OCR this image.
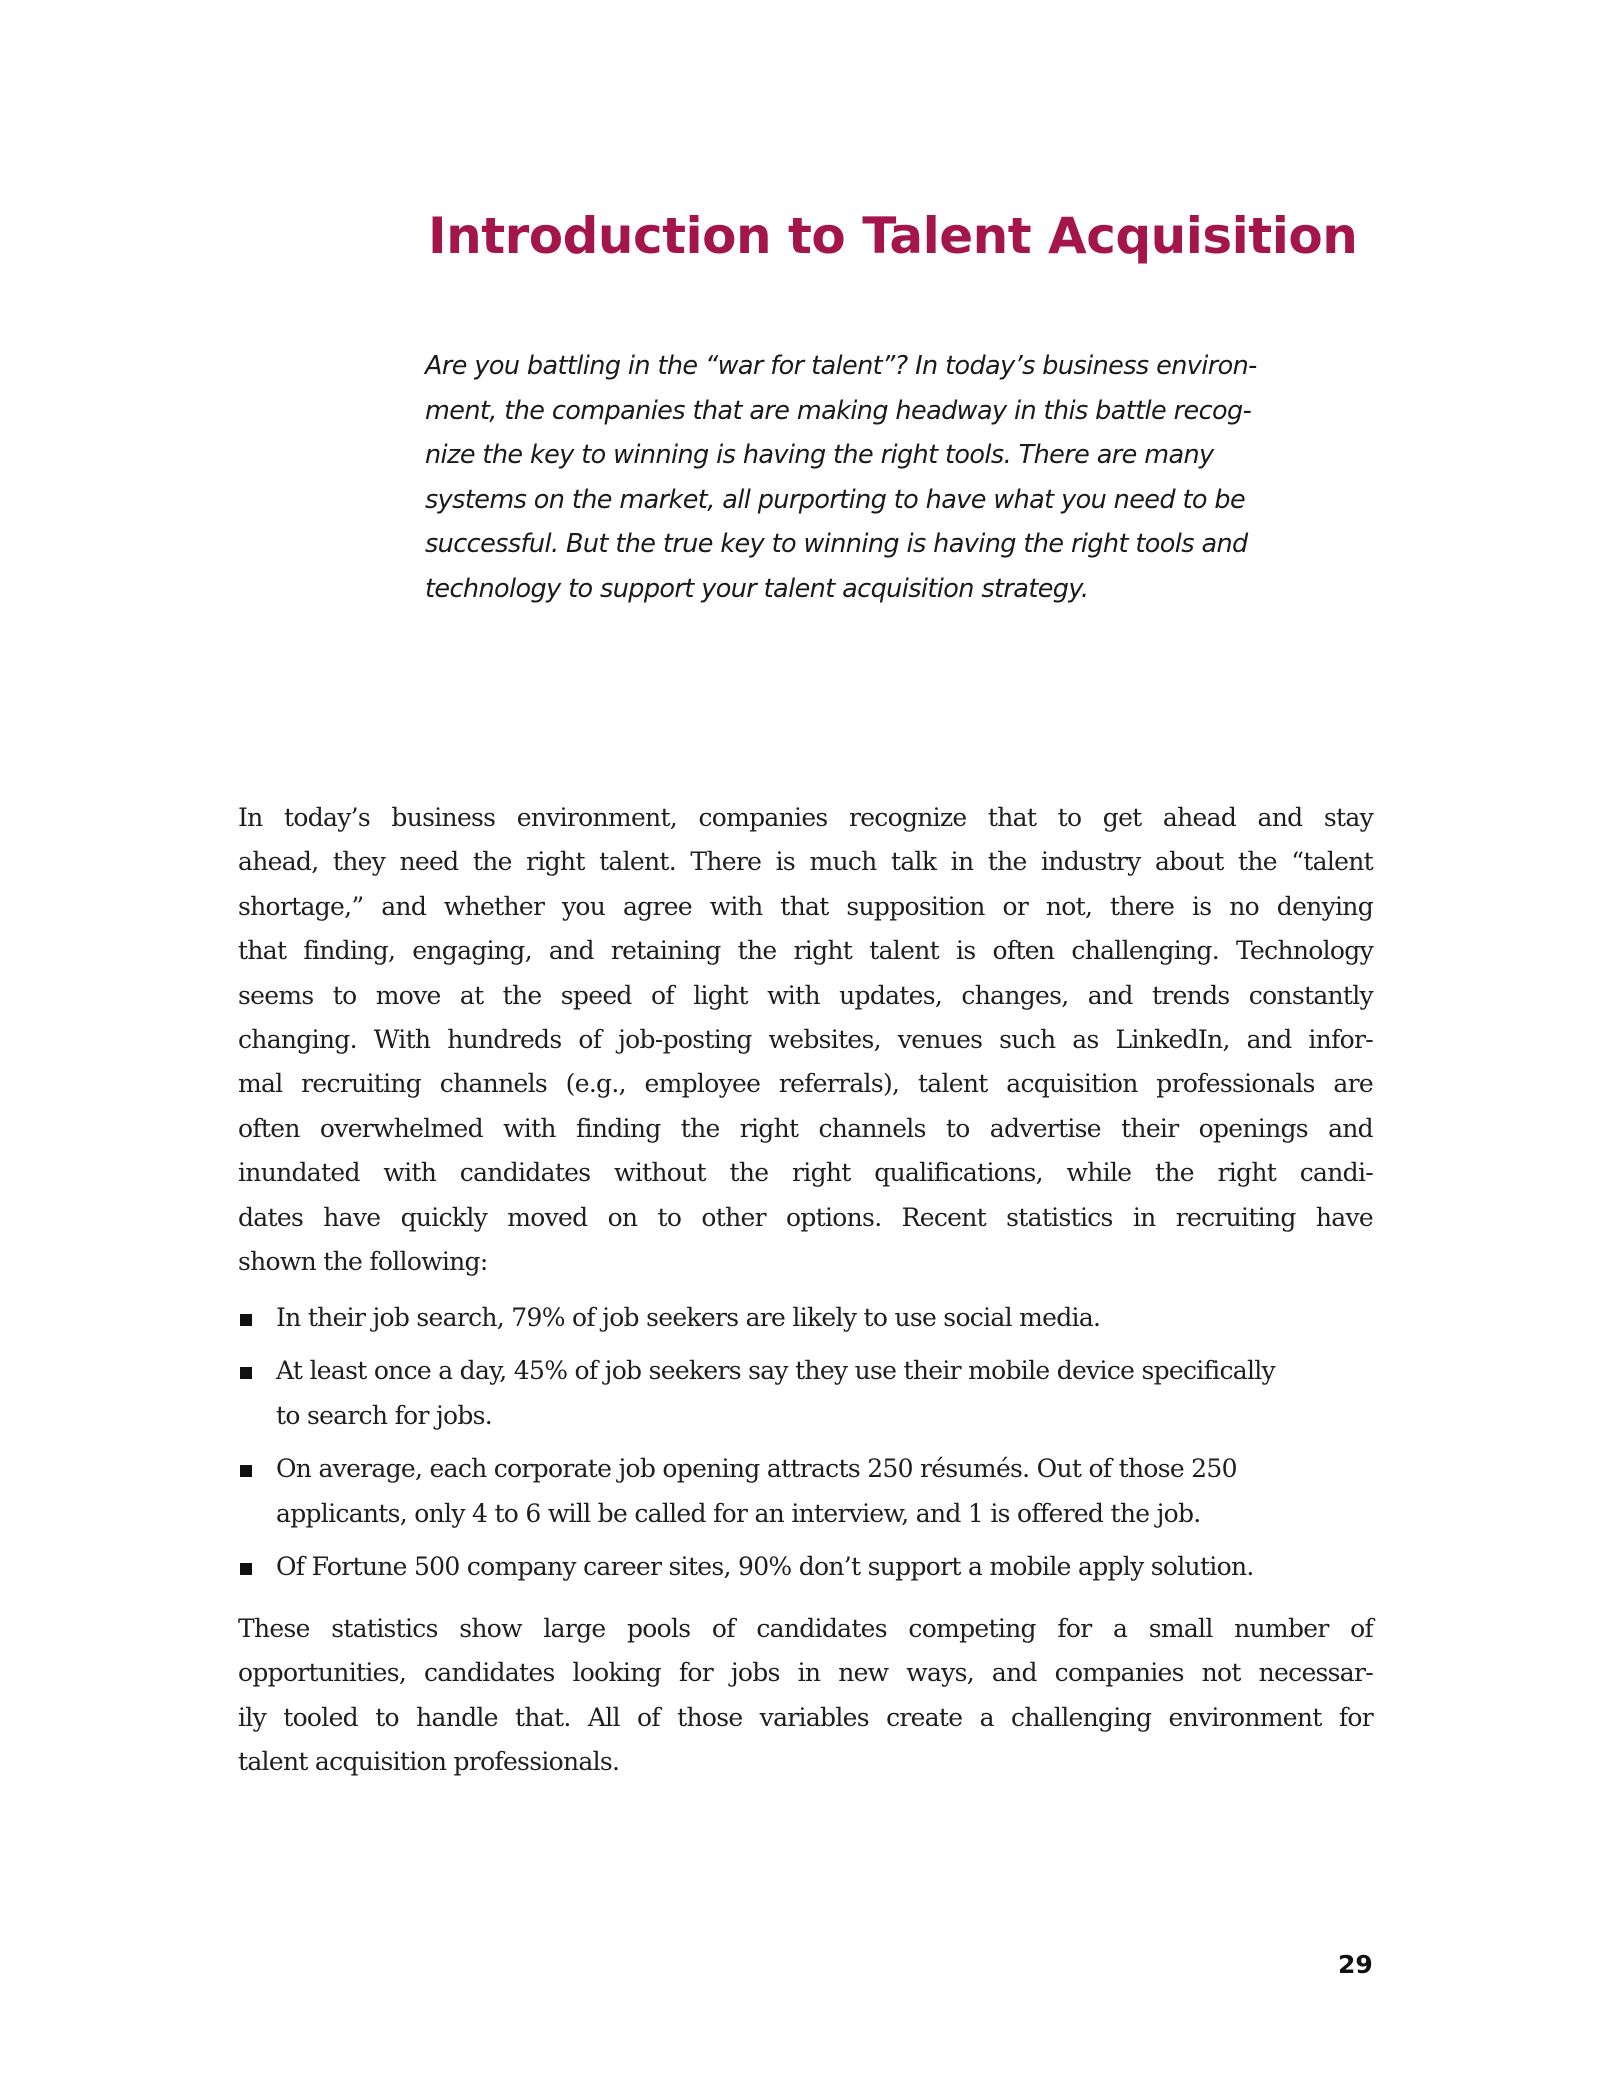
Introduction to Talent Acquisition
Are you battling in the “war for talent”? In today’s business environ-
ment, the companies that are making headway in this battle recog-
nize the key to winning is having the right tools. There are many
systems on the market, all purporting to have what you need to be
successful. But the true key to winning is having the right tools and
technology to support your talent acquisition strategy.
In today’s business environment, companies recognize that to get ahead and stay
ahead, they need the right talent. There is much talk in the industry about the “talent
shortage,” and whether you agree with that supposition or not, there is no denying
that finding, engaging, and retaining the right talent is often challenging. Technology
seems to move at the speed of light with updates, changes, and trends constantly
changing. With hundreds of job-posting websites, venues such as LinkedIn, and infor-
mal recruiting channels (e.g., employee referrals), talent acquisition professionals are
often overwhelmed with finding the right channels to advertise their openings and
inundated with candidates without the right qualifications, while the right candi-
dates have quickly moved on to other options. Recent statistics in recruiting have
shown the following:
In their job search, 79% of job seekers are likely to use social media.
At least once a day, 45% of job seekers say they use their mobile device specifically
to search for jobs.
On average, each corporate job opening attracts 250 résumés. Out of those 250
applicants, only 4 to 6 will be called for an interview, and 1 is offered the job.
Of Fortune 500 company career sites, 90% don’t support a mobile apply solution.
These statistics show large pools of candidates competing for a small number of
opportunities, candidates looking for jobs in new ways, and companies not necessar-
ily tooled to handle that. All of those variables create a challenging environment for
talent acquisition professionals.
29
